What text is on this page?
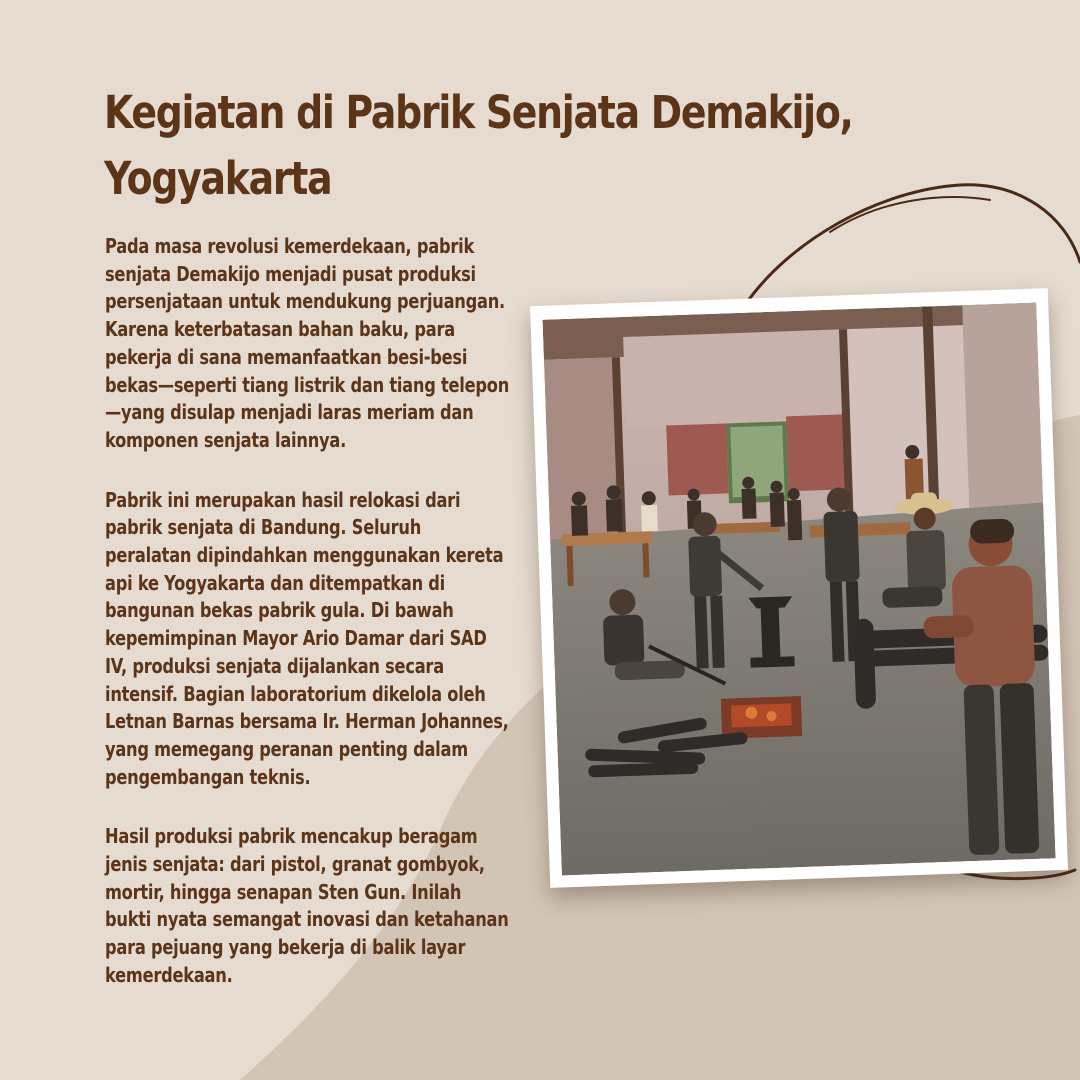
Kegiatan di Pabrik Senjata Demakijo, Yogyakarta

Pada masa revolusi kemerdekaan, pabrik senjata Demakijo menjadi pusat produksi persenjataan untuk mendukung perjuangan. Karena keterbatasan bahan baku, para pekerja di sana memanfaatkan besi-besi bekas—seperti tiang listrik dan tiang telepon—yang disulap menjadi laras meriam dan komponen senjata lainnya.

Pabrik ini merupakan hasil relokasi dari pabrik senjata di Bandung. Seluruh peralatan dipindahkan menggunakan kereta api ke Yogyakarta dan ditempatkan di bangunan bekas pabrik gula. Di bawah kepemimpinan Mayor Ario Damar dari SAD IV, produksi senjata dijalankan secara intensif. Bagian laboratorium dikelola oleh Letnan Barnas bersama Ir. Herman Johannes, yang memegang peranan penting dalam pengembangan teknis.

Hasil produksi pabrik mencakup beragam jenis senjata: dari pistol, granat gombyok, mortir, hingga senapan Sten Gun. Inilah bukti nyata semangat inovasi dan ketahanan para pejuang yang bekerja di balik layar kemerdekaan.
